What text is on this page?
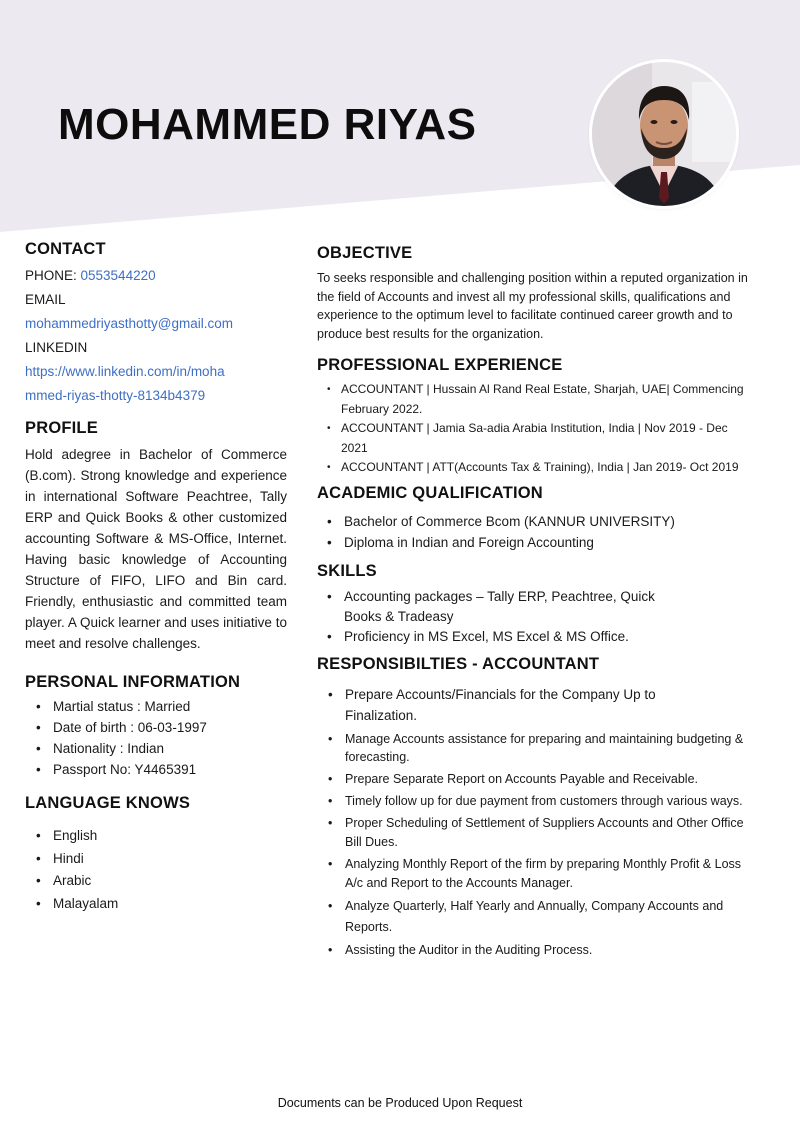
MOHAMMED RIYAS
CONTACT
PHONE: 0553544220
EMAIL
mohammedriyasthotty@gmail.com
LINKEDIN
https://www.linkedin.com/in/moha
mmed-riyas-thotty-8134b4379
PROFILE

Hold adegree in Bachelor of Commerce (B.com). Strong knowledge and experience in international Software Peachtree, Tally ERP and Quick Books & other customized accounting Software & MS-Office, Internet. Having basic knowledge of Accounting Structure of FIFO, LIFO and Bin card. Friendly, enthusiastic and committed team player. A Quick learner and uses initiative to meet and resolve challenges.

PERSONAL INFORMATION
• Martial status : Married
• Date of birth : 06-03-1997
• Nationality : Indian
• Passport No: Y4465391
LANGUAGE KNOWS
• English
• Hindi
• Arabic
• Malayalam
OBJECTIVE

To seeks responsible and challenging position within a reputed organization in the field of Accounts and invest all my professional skills, qualifications and experience to the optimum level to facilitate continued career growth and to produce best results for the organization.

PROFESSIONAL EXPERIENCE
• ACCOUNTANT | Hussain Al Rand Real Estate, Sharjah, UAE| Commencing February 2022.
• ACCOUNTANT | Jamia Sa-adia Arabia Institution, India | Nov 2019 - Dec 2021
• ACCOUNTANT | ATT(Accounts Tax & Training), India | Jan 2019- Oct 2019
ACADEMIC QUALIFICATION
• Bachelor of Commerce Bcom (KANNUR UNIVERSITY)
• Diploma in Indian and Foreign Accounting
SKILLS
• Accounting packages – Tally ERP, Peachtree, Quick Books & Tradeasy
• Proficiency in MS Excel, MS Excel & MS Office.
RESPONSIBILTIES - ACCOUNTANT
• Prepare Accounts/Financials for the Company Up to Finalization.
• Manage Accounts assistance for preparing and maintaining budgeting & forecasting.
• Prepare Separate Report on Accounts Payable and Receivable.
• Timely follow up for due payment from customers through various ways.
• Proper Scheduling of Settlement of Suppliers Accounts and Other Office Bill Dues.
• Analyzing Monthly Report of the firm by preparing Monthly Profit & Loss A/c and Report to the Accounts Manager.
• Analyze Quarterly, Half Yearly and Annually, Company Accounts and Reports.
• Assisting the Auditor in the Auditing Process.
Documents can be Produced Upon Request
